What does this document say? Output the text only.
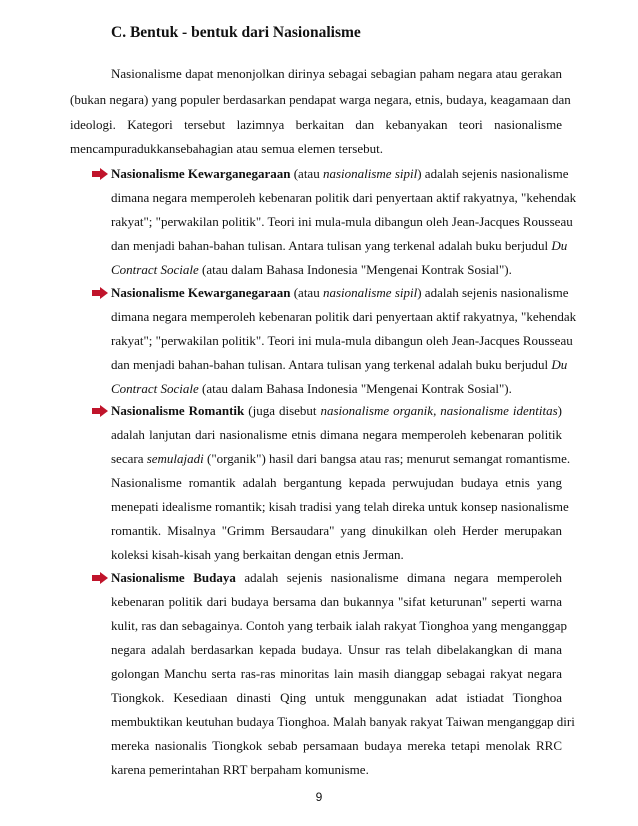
C. Bentuk - bentuk dari Nasionalisme
Nasionalisme dapat menonjolkan dirinya sebagai sebagian paham negara atau gerakan
(bukan negara) yang populer berdasarkan pendapat warga negara, etnis, budaya, keagamaan dan
ideologi. Kategori tersebut lazimnya berkaitan dan kebanyakan teori nasionalisme
mencampuradukkansebahagian atau semua elemen tersebut.
Nasionalisme Kewarganegaraan (atau nasionalisme sipil) adalah sejenis nasionalisme
dimana negara memperoleh kebenaran politik dari penyertaan aktif rakyatnya, "kehendak
rakyat"; "perwakilan politik". Teori ini mula-mula dibangun oleh Jean-Jacques Rousseau
dan menjadi bahan-bahan tulisan. Antara tulisan yang terkenal adalah buku berjudul Du
Contract Sociale (atau dalam Bahasa Indonesia "Mengenai Kontrak Sosial").
Nasionalisme Kewarganegaraan (atau nasionalisme sipil) adalah sejenis nasionalisme
dimana negara memperoleh kebenaran politik dari penyertaan aktif rakyatnya, "kehendak
rakyat"; "perwakilan politik". Teori ini mula-mula dibangun oleh Jean-Jacques Rousseau
dan menjadi bahan-bahan tulisan. Antara tulisan yang terkenal adalah buku berjudul Du
Contract Sociale (atau dalam Bahasa Indonesia "Mengenai Kontrak Sosial").
Nasionalisme Romantik (juga disebut nasionalisme organik, nasionalisme identitas)
adalah lanjutan dari nasionalisme etnis dimana negara memperoleh kebenaran politik
secara semulajadi ("organik") hasil dari bangsa atau ras; menurut semangat romantisme.
Nasionalisme romantik adalah bergantung kepada perwujudan budaya etnis yang
menepati idealisme romantik; kisah tradisi yang telah direka untuk konsep nasionalisme
romantik. Misalnya "Grimm Bersaudara" yang dinukilkan oleh Herder merupakan
koleksi kisah-kisah yang berkaitan dengan etnis Jerman.
Nasionalisme Budaya adalah sejenis nasionalisme dimana negara memperoleh
kebenaran politik dari budaya bersama dan bukannya "sifat keturunan" seperti warna
kulit, ras dan sebagainya. Contoh yang terbaik ialah rakyat Tionghoa yang menganggap
negara adalah berdasarkan kepada budaya. Unsur ras telah dibelakangkan di mana
golongan Manchu serta ras-ras minoritas lain masih dianggap sebagai rakyat negara
Tiongkok. Kesediaan dinasti Qing untuk menggunakan adat istiadat Tionghoa
membuktikan keutuhan budaya Tionghoa. Malah banyak rakyat Taiwan menganggap diri
mereka nasionalis Tiongkok sebab persamaan budaya mereka tetapi menolak RRC
karena pemerintahan RRT berpaham komunisme.
9
